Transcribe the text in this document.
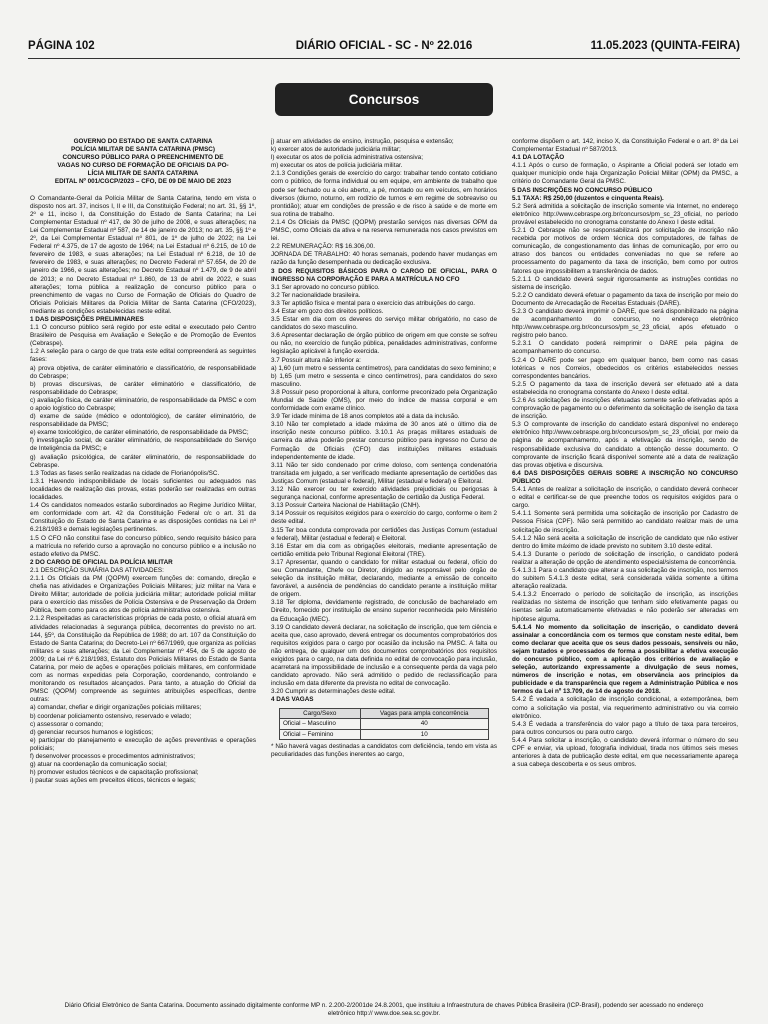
PÁGINA 102	DIÁRIO OFICIAL - SC - Nº 22.016	11.05.2023 (QUINTA-FEIRA)
Concursos

GOVERNO DO ESTADO DE SANTA CATARINA

POLÍCIA MILITAR DE SANTA CATARINA (PMSC)

CONCURSO PÚBLICO PARA O PREENCHIMENTO DE

VAGAS NO CURSO DE FORMAÇÃO DE OFICIAIS DA PO-

LÍCIA MILITAR DE SANTA CATARINA

EDITAL Nº 001/CGCP/2023 – CFO, DE 09 DE MAIO DE 2023

O Comandante-Geral da Polícia Militar de Santa Catarina, tendo em vista o disposto nos art. 37, incisos I, II e III, da Constituição Federal; no art. 31, §§ 1º, 2º e 11, inciso I, da Constituição do Estado de Santa Catarina; na Lei Complementar Estadual nº 417, de 30 de julho de 2008, e suas alterações; na Lei Complementar Estadual nº 587, de 14 de janeiro de 2013; no art. 35, §§ 1º e 2º, da Lei Complementar Estadual nº 801, de 1º de julho de 2022; na Lei Federal nº 4.375, de 17 de agosto de 1964; na Lei Estadual nº 6.215, de 10 de fevereiro de 1983, e suas alterações; na Lei Estadual nº 6.218, de 10 de fevereiro de 1983, e suas alterações; no Decreto Federal nº 57.654, de 20 de janeiro de 1966, e suas alterações; no Decreto Estadual nº 1.479, de 9 de abril de 2013; e no Decreto Estadual nº 1.860, de 13 de abril de 2022, e suas alterações; torna pública a realização de concurso público para o preenchimento de vagas no Curso de Formação de Oficiais do Quadro de Oficiais Policiais Militares da Polícia Militar de Santa Catarina (CFO/2023), mediante as condições estabelecidas neste edital.

1 DAS DISPOSIÇÕES PRELIMINARES

1.1 O concurso público será regido por este edital e executado pelo Centro Brasileiro de Pesquisa em Avaliação e Seleção e de Promoção de Eventos (Cebraspe).

1.2 A seleção para o cargo de que trata este edital compreenderá as seguintes fases:

a) prova objetiva, de caráter eliminatório e classificatório, de responsabilidade do Cebraspe;

b) provas discursivas, de caráter eliminatório e classificatório, de responsabilidade do Cebraspe;

c) avaliação física, de caráter eliminatório, de responsabilidade da PMSC e com o apoio logístico do Cebraspe;

d) exame de saúde (médico e odontológico), de caráter eliminatório, de responsabilidade da PMSC;

e) exame toxicológico, de caráter eliminatório, de responsabilidade da PMSC;

f) investigação social, de caráter eliminatório, de responsabilidade do Serviço de Inteligência da PMSC; e

g) avaliação psicológica, de caráter eliminatório, de responsabilidade do Cebraspe.

1.3 Todas as fases serão realizadas na cidade de Florianópolis/SC.

1.3.1 Havendo indisponibilidade de locais suficientes ou adequados nas localidades de realização das provas, estas poderão ser realizadas em outras localidades.

1.4 Os candidatos nomeados estarão subordinados ao Regime Jurídico Militar, em conformidade com art. 42 da Constituição Federal c/c o art. 31 da Constituição do Estado de Santa Catarina e as disposições contidas na Lei nº 6.218/1983 e demais legislações pertinentes.

1.5 O CFO não constitui fase do concurso público, sendo requisito básico para a matrícula no referido curso a aprovação no concurso público e a inclusão no estado efetivo da PMSC.

2 DO CARGO DE OFICIAL DA POLÍCIA MILITAR

2.1 DESCRIÇÃO SUMÁRIA DAS ATIVIDADES:

2.1.1 Os Oficiais da PM (QOPM) exercem funções de: comando, direção e chefia nas atividades e Organizações Policiais Militares; juiz militar na Vara e Direito Militar; autoridade de polícia judiciária militar; autoridade policial militar para o exercício das missões de Polícia Ostensiva e de Preservação da Ordem Pública, bem como para os atos de polícia administrativa ostensiva.

2.1.2 Respeitadas as características próprias de cada posto, o oficial atuará em atividades relacionadas à segurança pública, decorrentes do previsto no art. 144, §5º, da Constituição da República de 1988; do art. 107 da Constituição do Estado de Santa Catarina; do Decreto-Lei nº 667/1969, que organiza as polícias militares e suas alterações; da Lei Complementar nº 454, de 5 de agosto de 2009; da Lei nº 6.218/1983, Estatuto dos Policiais Militares do Estado de Santa Catarina, por meio de ações e operações policiais militares, em conformidade com as normas expedidas pela Corporação, coordenando, controlando e monitorando os resultados alcançados. Para tanto, a atuação do Oficial da PMSC (QOPM) compreende as seguintes atribuições específicas, dentre outras:

a) comandar, chefiar e dirigir organizações policiais militares;

b) coordenar policiamento ostensivo, reservado e velado;

c) assessorar o comando;

d) gerenciar recursos humanos e logísticos;

e) participar do planejamento e execução de ações preventivas e operações policiais;

f) desenvolver processos e procedimentos administrativos;

g) atuar na coordenação da comunicação social;

h) promover estudos técnicos e de capacitação profissional;

i) pautar suas ações em preceitos éticos, técnicos e legais;

j) atuar em atividades de ensino, instrução, pesquisa e extensão;

k) exercer atos de autoridade judiciária militar;

l) executar os atos de polícia administrativa ostensiva;

m) executar os atos de polícia judiciária militar.

2.1.3 Condições gerais de exercício do cargo: trabalhar tendo contato cotidiano com o público, de forma individual ou em equipe, em ambiente de trabalho que pode ser fechado ou a céu aberto, a pé, montado ou em veículos, em horários diversos (diurno, noturno, em rodízio de turnos e em regime de sobreaviso ou prontidão); atuar em condições de pressão e de risco à saúde e de morte em sua rotina de trabalho.

2.1.4 Os Oficiais da PMSC (QOPM) prestarão serviços nas diversas OPM da PMSC, como Oficiais da ativa e na reserva remunerada nos casos previstos em lei.

2.2 REMUNERAÇÃO: R$ 16.306,00.

JORNADA DE TRABALHO: 40 horas semanais, podendo haver mudanças em razão da função desempenhada ou dedicação exclusiva.

3 DOS REQUISITOS BÁSICOS PARA O CARGO DE OFICIAL, PARA O INGRESSO NA CORPORAÇÃO E PARA A MATRÍCULA NO CFO

3.1 Ser aprovado no concurso público.

3.2 Ter nacionalidade brasileira.

3.3 Ter aptidão física e mental para o exercício das atribuições do cargo.

3.4 Estar em gozo dos direitos políticos.

3.5 Estar em dia com os deveres do serviço militar obrigatório, no caso de candidatos do sexo masculino.

3.6 Apresentar declaração de órgão público de origem em que conste se sofreu ou não, no exercício de função pública, penalidades administrativas, conforme legislação aplicável à função exercida.

3.7 Possuir altura não inferior a:

a) 1,60 (um metro e sessenta centímetros), para candidatas do sexo feminino; e

b) 1,65 (um metro e sessenta e cinco centímetros), para candidatos do sexo masculino.

3.8 Possuir peso proporcional à altura, conforme preconizado pela Organização Mundial de Saúde (OMS), por meio do índice de massa corporal e em conformidade com exame clínico.

3.9 Ter idade mínima de 18 anos completos até a data da inclusão.

3.10 Não ter completado a idade máxima de 30 anos até o último dia de inscrição neste concurso público. 3.10.1 As praças militares estaduais de carreira da ativa poderão prestar concurso público para ingresso no Curso de Formação de Oficiais (CFO) das instituições militares estaduais independentemente de idade.

3.11 Não ter sido condenado por crime doloso, com sentença condenatória transitada em julgado, a ser verificado mediante apresentação de certidões das Justiças Comum (estadual e federal), Militar (estadual e federal) e Eleitoral.

3.12 Não exercer ou ter exercido atividades prejudiciais ou perigosas à segurança nacional, conforme apresentação de certidão da Justiça Federal.

3.13 Possuir Carteira Nacional de Habilitação (CNH).

3.14 Possuir os requisitos exigidos para o exercício do cargo, conforme o item 2 deste edital.

3.15 Ter boa conduta comprovada por certidões das Justiças Comum (estadual e federal), Militar (estadual e federal) e Eleitoral.

3.16 Estar em dia com as obrigações eleitorais, mediante apresentação de certidão emitida pelo Tribunal Regional Eleitoral (TRE).

3.17 Apresentar, quando o candidato for militar estadual ou federal, ofício do seu Comandante, Chefe ou Diretor, dirigido ao responsável pelo órgão de seleção da instituição militar, declarando, mediante a emissão de conceito favorável, a ausência de pendências do candidato perante a instituição militar de origem.

3.18 Ter diploma, devidamente registrado, de conclusão de bacharelado em Direito, fornecido por instituição de ensino superior reconhecida pelo Ministério da Educação (MEC).

3.19 O candidato deverá declarar, na solicitação de inscrição, que tem ciência e aceita que, caso aprovado, deverá entregar os documentos comprobatórios dos requisitos exigidos para o cargo por ocasião da inclusão na PMSC. A falta ou não entrega, de qualquer um dos documentos comprobatórios dos requisitos exigidos para o cargo, na data definida no edital de convocação para inclusão, acarretará na impossibilidade de inclusão e a consequente perda da vaga pelo candidato aprovado. Não será admitido o pedido de reclassificação para inclusão em data diferente da prevista no edital de convocação.

3.20 Cumprir as determinações deste edital.

4 DAS VAGAS

Cargo/Sexo	Vagas para ampla concorrência
Oficial – Masculino	40
Oficial – Feminino	10

* Não haverá vagas destinadas a candidatos com deficiência, tendo em vista as peculiaridades das funções inerentes ao cargo,

conforme dispõem o art. 142, inciso X, da Constituição Federal e o art. 8º da Lei Complementar Estadual nº 587/2013.

4.1 DA LOTAÇÃO

4.1.1 Após o curso de formação, o Aspirante a Oficial poderá ser lotado em qualquer município onde haja Organização Policial Militar (OPM) da PMSC, a critério do Comandante Geral da PMSC.

5 DAS INSCRIÇÕES NO CONCURSO PÚBLICO

5.1 TAXA: R$ 250,00 (duzentos e cinquenta Reais).

5.2 Será admitida a solicitação de inscrição somente via Internet, no endereço eletrônico http://www.cebraspe.org.br/concursos/pm_sc_23_oficial, no período provável estabelecido no cronograma constante do Anexo I deste edital.

5.2.1 O Cebraspe não se responsabilizará por solicitação de inscrição não recebida por motivos de ordem técnica dos computadores, de falhas de comunicação, de congestionamento das linhas de comunicação, por erro ou atraso dos bancos ou entidades conveniadas no que se refere ao processamento do pagamento da taxa de inscrição, bem como por outros fatores que impossibilitem a transferência de dados.

5.2.1.1 O candidato deverá seguir rigorosamente as instruções contidas no sistema de inscrição.

5.2.2 O candidato deverá efetuar o pagamento da taxa de inscrição por meio do Documento de Arrecadação de Receitas Estaduais (DARE).

5.2.3 O candidato deverá imprimir o DARE, que será disponibilizado na página de acompanhamento do concurso, no endereço eletrônico http://www.cebraspe.org.br/concursos/pm_sc_23_oficial, após efetuado o registro pelo banco.

5.2.3.1 O candidato poderá reimprimir o DARE pela página de acompanhamento do concurso.

5.2.4 O DARE pode ser pago em qualquer banco, bem como nas casas lotéricas e nos Correios, obedecidos os critérios estabelecidos nesses correspondentes bancários.

5.2.5 O pagamento da taxa de inscrição deverá ser efetuado até a data estabelecida no cronograma constante do Anexo I deste edital.

5.2.6 As solicitações de inscrições efetuadas somente serão efetivadas após a comprovação de pagamento ou o deferimento da solicitação de isenção da taxa de inscrição.

5.3 O comprovante de inscrição do candidato estará disponível no endereço eletrônico http://www.cebraspe.org.br/concursos/pm_sc_23_oficial, por meio da página de acompanhamento, após a efetivação da inscrição, sendo de responsabilidade exclusiva do candidato a obtenção desse documento. O comprovante de inscrição ficará disponível somente até a data de realização das provas objetiva e discursiva.

6.4 DAS DISPOSIÇÕES GERAIS SOBRE A INSCRIÇÃO NO CONCURSO PÚBLICO

5.4.1 Antes de realizar a solicitação de inscrição, o candidato deverá conhecer o edital e certificar-se de que preenche todos os requisitos exigidos para o cargo.

5.4.1.1 Somente será permitida uma solicitação de inscrição por Cadastro de Pessoa Física (CPF). Não será permitido ao candidato realizar mais de uma solicitação de inscrição.

5.4.1.2 Não será aceita a solicitação de inscrição de candidato que não estiver dentro do limite máximo de idade previsto no subitem 3.10 deste edital.

5.4.1.3 Durante o período de solicitação de inscrição, o candidato poderá realizar a alteração de opção de atendimento especial/sistema de concorrência.

5.4.1.3.1 Para o candidato que alterar a sua solicitação de inscrição, nos termos do subitem 5.4.1.3 deste edital, será considerada válida somente a última alteração realizada.

5.4.1.3.2 Encerrado o período de solicitação de inscrição, as inscrições realizadas no sistema de inscrição que tenham sido efetivamente pagas ou isentas serão automaticamente efetivadas e não poderão ser alteradas em hipótese alguma.

5.4.1.4 No momento da solicitação de inscrição, o candidato deverá assinalar a concordância com os termos que constam neste edital, bem como declarar que aceita que os seus dados pessoais, sensíveis ou não, sejam tratados e processados de forma a possibilitar a efetiva execução do concurso público, com a aplicação dos critérios de avaliação e seleção, autorizando expressamente a divulgação de seus nomes, números de inscrição e notas, em observância aos princípios da publicidade e da transparência que regem a Administração Pública e nos termos da Lei nº 13.709, de 14 de agosto de 2018.

5.4.2 É vedada a solicitação de inscrição condicional, a extemporânea, bem como a solicitação via postal, via requerimento administrativo ou via correio eletrônico.

5.4.3 É vedada a transferência do valor pago a título de taxa para terceiros, para outros concursos ou para outro cargo.

5.4.4 Para solicitar a inscrição, o candidato deverá informar o número do seu CPF e enviar, via upload, fotografia individual, tirada nos últimos seis meses anteriores à data de publicação deste edital, em que necessariamente apareça a sua cabeça descoberta e os seus ombros.

Diário Oficial Eletrônico de Santa Catarina. Documento assinado digitalmente conforme MP n. 2.200-2/2001de 24.8.2001, que instituiu a Infraestrutura de chaves Pública Brasileira (ICP-Brasil), podendo ser acessado no endereço
eletrônico http:// www.doe.sea.sc.gov.br.
